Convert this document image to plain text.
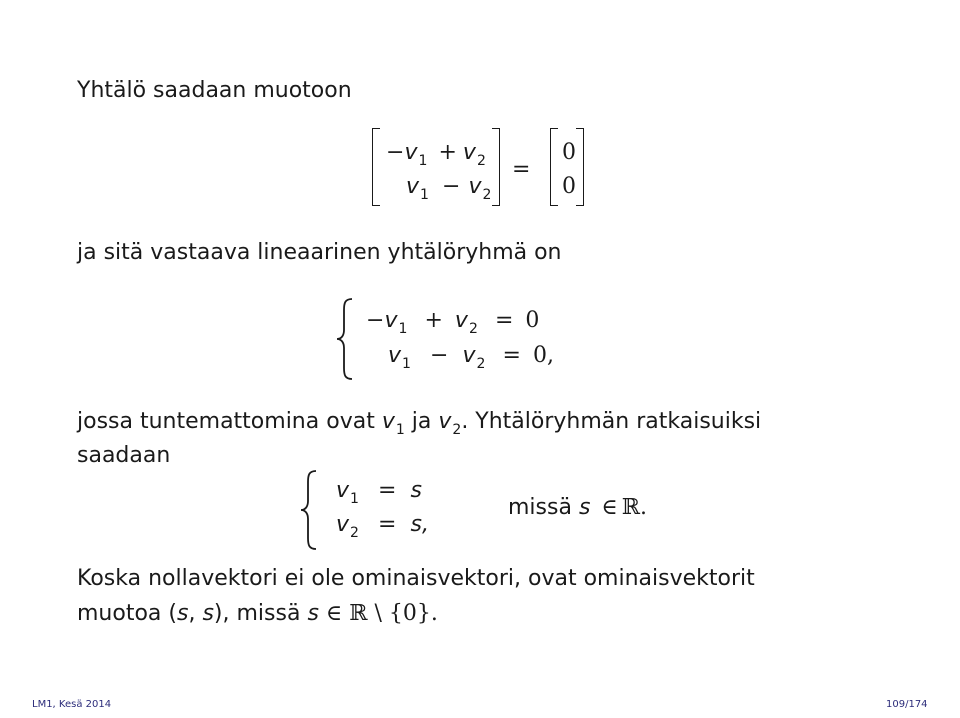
Yhtälö saadaan muotoon
−v1 + v2
v1 − v2
=
0
0
ja sitä vastaava lineaarinen yhtälöryhmä on
−v1 + v2 = 0
v1 − v2 = 0,
jossa tuntemattomina ovat $v_1$ ja $v_2$. Yhtälöryhmän ratkaisuiksi
saadaan
v1 = s
v2 = s,
missä s ∈ ℝ.
Koska nollavektori ei ole ominaisvektori, ovat ominaisvektorit
muotoa (s, s), missä s ∈ ℝ \ {0}.
LM1, Kesä 2014	109/174
